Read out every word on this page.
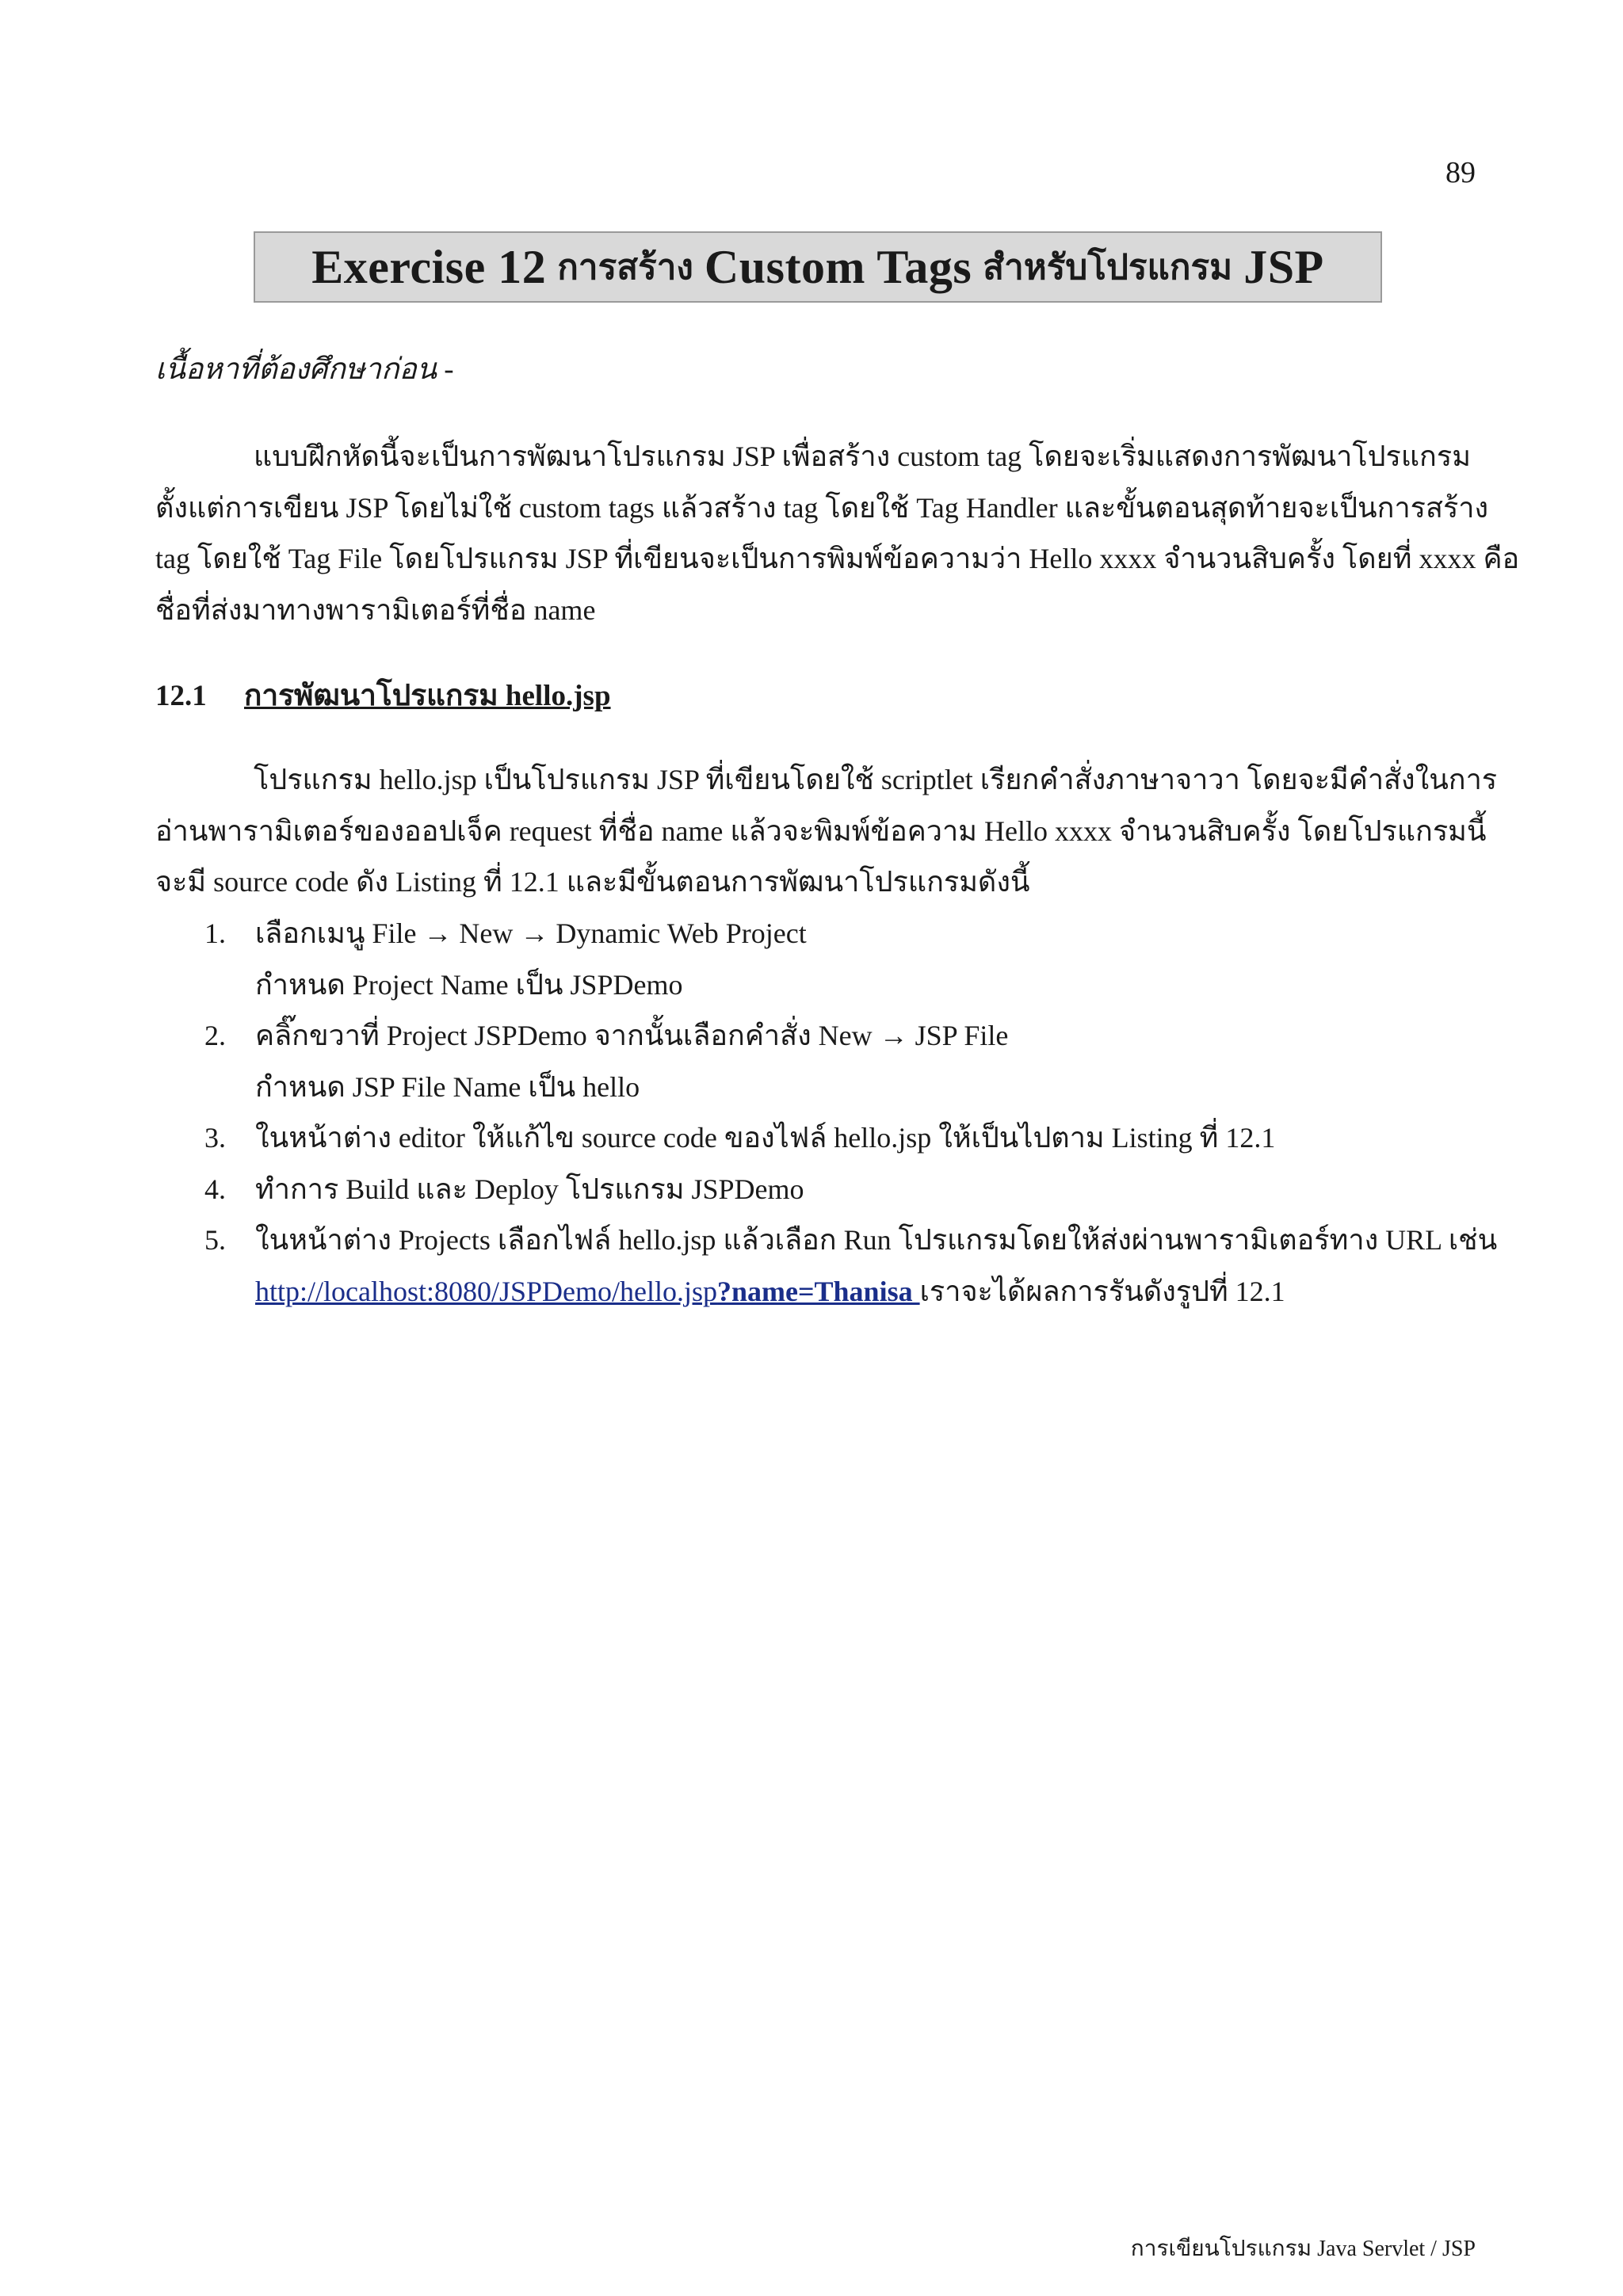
89
Exercise 12 การสร้าง Custom Tags สำหรับโปรแกรม JSP
เนื้อหาที่ต้องศึกษาก่อน -
แบบฝึกหัดนี้จะเป็นการพัฒนาโปรแกรม JSP เพื่อสร้าง custom tag โดยจะเริ่มแสดงการพัฒนาโปรแกรม
ตั้งแต่การเขียน JSP โดยไม่ใช้ custom tags แล้วสร้าง tag โดยใช้ Tag Handler และขั้นตอนสุดท้ายจะเป็นการสร้าง
tag โดยใช้ Tag File โดยโปรแกรม JSP ที่เขียนจะเป็นการพิมพ์ข้อความว่า Hello xxxx จำนวนสิบครั้ง โดยที่ xxxx คือ
ชื่อที่ส่งมาทางพารามิเตอร์ที่ชื่อ name
12.1 การพัฒนาโปรแกรม hello.jsp
โปรแกรม hello.jsp เป็นโปรแกรม JSP ที่เขียนโดยใช้ scriptlet เรียกคำสั่งภาษาจาวา โดยจะมีคำสั่งในการ
อ่านพารามิเตอร์ของออปเจ็ค request ที่ชื่อ name แล้วจะพิมพ์ข้อความ Hello xxxx จำนวนสิบครั้ง โดยโปรแกรมนี้
จะมี source code ดัง Listing ที่ 12.1 และมีขั้นตอนการพัฒนาโปรแกรมดังนี้
1. เลือกเมนู File → New → Dynamic Web Project
กำหนด Project Name เป็น JSPDemo
2. คลิ๊กขวาที่ Project JSPDemo จากนั้นเลือกคำสั่ง New → JSP File
กำหนด JSP File Name เป็น hello
3. ในหน้าต่าง editor ให้แก้ไข source code ของไฟล์ hello.jsp ให้เป็นไปตาม Listing ที่ 12.1
4. ทำการ Build และ Deploy โปรแกรม JSPDemo
5. ในหน้าต่าง Projects เลือกไฟล์ hello.jsp แล้วเลือก Run โปรแกรมโดยให้ส่งผ่านพารามิเตอร์ทาง URL เช่น
http://localhost:8080/JSPDemo/hello.jsp?name=Thanisa เราจะได้ผลการรันดังรูปที่ 12.1
การเขียนโปรแกรม Java Servlet / JSP
